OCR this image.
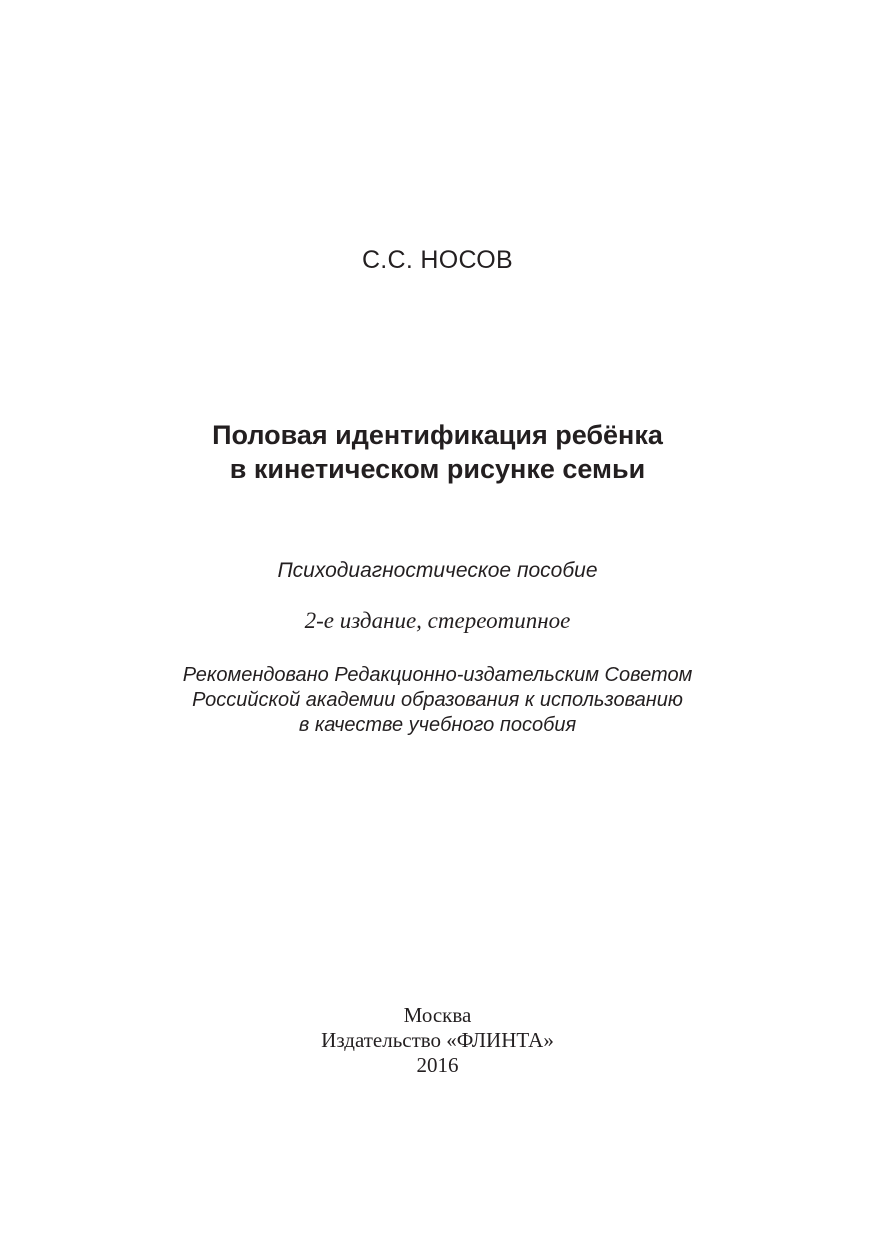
С.С. НОСОВ
Половая идентификация ребёнка
в кинетическом рисунке семьи
Психодиагностическое пособие
2-е издание, стереотипное
Рекомендовано Редакционно-издательским Советом
Российской академии образования к использованию
в качестве учебного пособия
Москва
Издательство «ФЛИНТА»
2016
